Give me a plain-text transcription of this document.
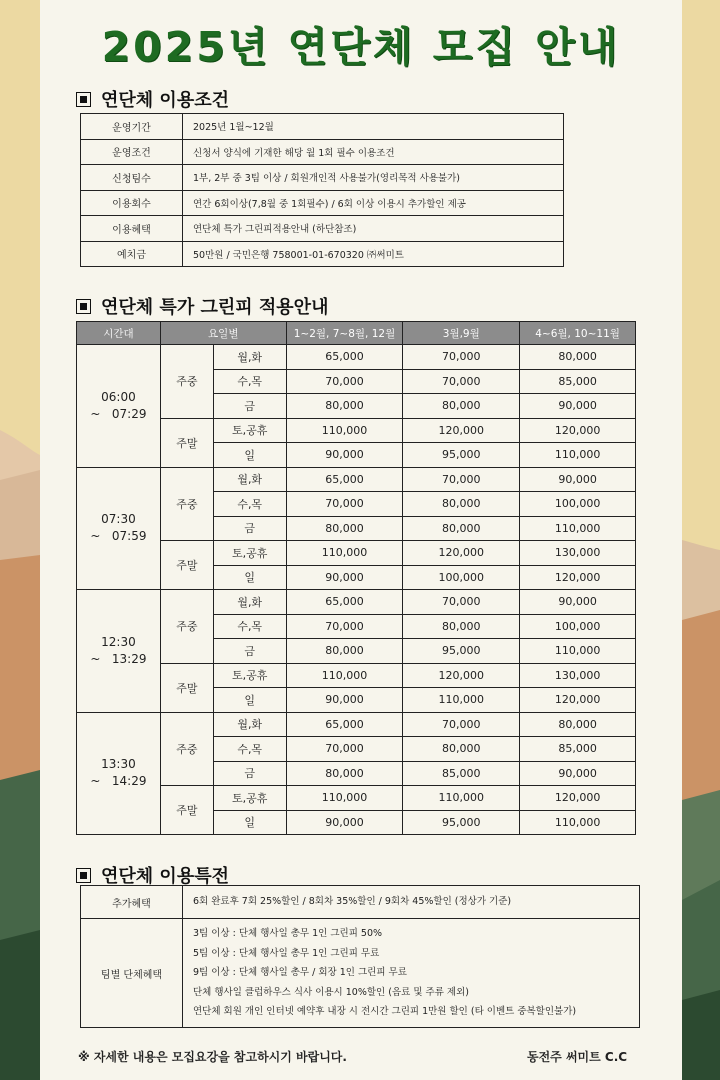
2025년 연단체 모집 안내
연단체 이용조건
운영기간	2025년 1월~12월
운영조건	신청서 양식에 기재한 해당 월 1회 필수 이용조건
신청팀수	1부, 2부 중 3팀 이상 / 회원개인적 사용불가(영리목적 사용불가)
이용회수	연간 6회이상(7,8월 중 1회필수) / 6회 이상 이용시 추가할인 제공
이용혜택	연단체 특가 그린피적용안내 (하단참조)
예치금	50만원 / 국민은행 758001-01-670320 ㈜써미트
연단체 특가 그린피 적용안내
시간대	요일별		1~2월, 7~8월, 12월	3월,9월	4~6월, 10~11월

06:00
~   07:29	주중	월,화	65,000	70,000	80,000
		수,목	70,000	70,000	85,000
		금	80,000	80,000	90,000
	주말	토,공휴	110,000	120,000	120,000
		일	90,000	95,000	110,000

07:30
~   07:59	주중	월,화	65,000	70,000	90,000
		수,목	70,000	80,000	100,000
		금	80,000	80,000	110,000
	주말	토,공휴	110,000	120,000	130,000
		일	90,000	100,000	120,000

12:30
~   13:29	주중	월,화	65,000	70,000	90,000
		수,목	70,000	80,000	100,000
		금	80,000	95,000	110,000
	주말	토,공휴	110,000	120,000	130,000
		일	90,000	110,000	120,000

13:30
~   14:29	주중	월,화	65,000	70,000	80,000
		수,목	70,000	80,000	85,000
		금	80,000	85,000	90,000
	주말	토,공휴	110,000	110,000	120,000
		일	90,000	95,000	110,000
연단체 이용특전
추가혜택	6회 완료후 7회 25%할인 / 8회차 35%할인 / 9회차 45%할인 (정상가 기준)
팀별 단체혜택	3팀 이상 : 단체 행사일 총무 1인 그린피 50%
5팀 이상 : 단체 행사일 총무 1인 그린피 무료
9팀 이상 : 단체 행사일 총무 / 회장 1인 그린피 무료
단체 행사일 클럽하우스 식사 이용시 10%할인 (음료 및 주류 제외)
연단체 회원 개인 인터넷 예약후 내장 시 전시간 그린피 1만원 할인 (타 이벤트 중복할인불가)
※ 자세한 내용은 모집요강을 참고하시기 바랍니다.	동전주 써미트 C.C
